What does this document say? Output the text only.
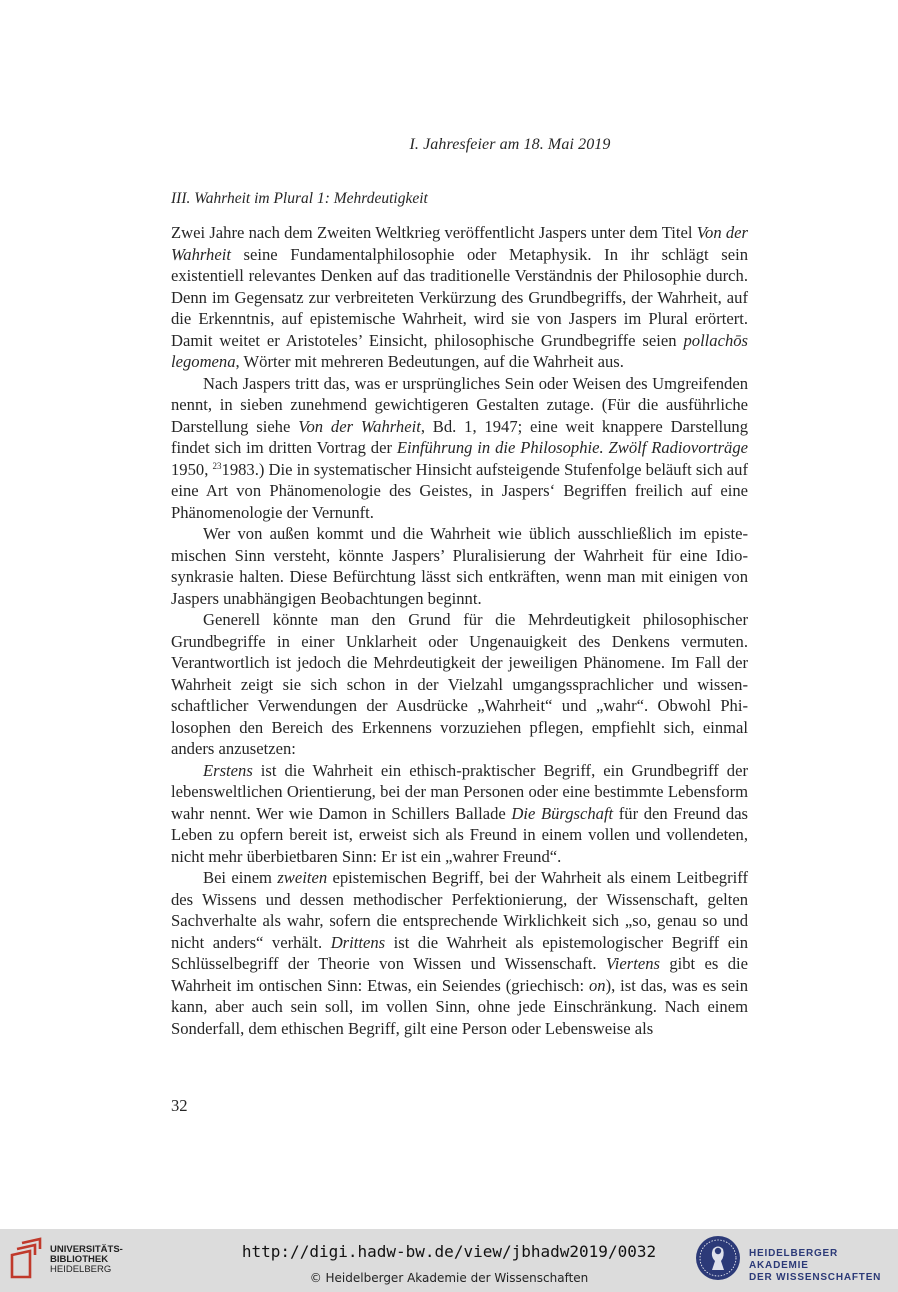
I. Jahresfeier am 18. Mai 2019
III. Wahrheit im Plural 1: Mehrdeutigkeit

Zwei Jahre nach dem Zweiten Weltkrieg veröffentlicht Jaspers unter dem Titel Von der Wahrheit seine Fundamentalphilosophie oder Metaphysik. In ihr schlägt sein existentiell relevantes Denken auf das traditionelle Verständnis der Philosophie durch. Denn im Gegensatz zur verbreiteten Verkürzung des Grundbegriffs, der Wahrheit, auf die Erkenntnis, auf epistemische Wahrheit, wird sie von Jaspers im Plural erörtert. Damit weitet er Aristoteles’ Einsicht, philosophische Grundbegriffe seien pollachōs legomena, Wörter mit mehreren Bedeutungen, auf die Wahrheit aus.

Nach Jaspers tritt das, was er ursprüngliches Sein oder Weisen des Umgreifenden nennt, in sieben zunehmend gewichtigeren Gestalten zutage. (Für die ausführliche Darstellung siehe Von der Wahrheit, Bd. 1, 1947; eine weit knappere Darstellung findet sich im dritten Vortrag der Einführung in die Philosophie. Zwölf Radiovorträge 1950, $^{23}$1983.) Die in systematischer Hinsicht aufsteigende Stufenfolge beläuft sich auf eine Art von Phänomenologie des Geistes, in Jaspers‘ Begriffen freilich auf eine Phänomenologie der Vernunft.

Wer von außen kommt und die Wahrheit wie üblich ausschließlich im epistemischen Sinn versteht, könnte Jaspers’ Pluralisierung der Wahrheit für eine Idiosynkrasie halten. Diese Befürchtung lässt sich entkräften, wenn man mit einigen von Jaspers unabhängigen Beobachtungen beginnt.

Generell könnte man den Grund für die Mehrdeutigkeit philosophischer Grundbegriffe in einer Unklarheit oder Ungenauigkeit des Denkens vermuten. Verantwortlich ist jedoch die Mehrdeutigkeit der jeweiligen Phänomene. Im Fall der Wahrheit zeigt sie sich schon in der Vielzahl umgangssprachlicher und wissenschaftlicher Verwendungen der Ausdrücke „Wahrheit“ und „wahr“. Obwohl Philosophen den Bereich des Erkennens vorzuziehen pflegen, empfiehlt sich, einmal anders anzusetzen:

Erstens ist die Wahrheit ein ethisch-praktischer Begriff, ein Grundbegriff der lebensweltlichen Orientierung, bei der man Personen oder eine bestimmte Lebensform wahr nennt. Wer wie Damon in Schillers Ballade Die Bürgschaft für den Freund das Leben zu opfern bereit ist, erweist sich als Freund in einem vollen und vollendeten, nicht mehr überbietbaren Sinn: Er ist ein „wahrer Freund“.

Bei einem zweiten epistemischen Begriff, bei der Wahrheit als einem Leitbegriff des Wissens und dessen methodischer Perfektionierung, der Wissenschaft, gelten Sachverhalte als wahr, sofern die entsprechende Wirklichkeit sich „so, genau so und nicht anders“ verhält. Drittens ist die Wahrheit als epistemologischer Begriff ein Schlüsselbegriff der Theorie von Wissen und Wissenschaft. Viertens gibt es die Wahrheit im ontischen Sinn: Etwas, ein Seiendes (griechisch: on), ist das, was es sein kann, aber auch sein soll, im vollen Sinn, ohne jede Einschränkung. Nach einem Sonderfall, dem ethischen Begriff, gilt eine Person oder Lebensweise als

32
UNIVERSITÄTS-
BIBLIOTHEK
HEIDELBERG
http://digi.hadw-bw.de/view/jbhadw2019/0032
© Heidelberger Akademie der Wissenschaften
HEIDELBERGER AKADEMIE
DER WISSENSCHAFTEN
